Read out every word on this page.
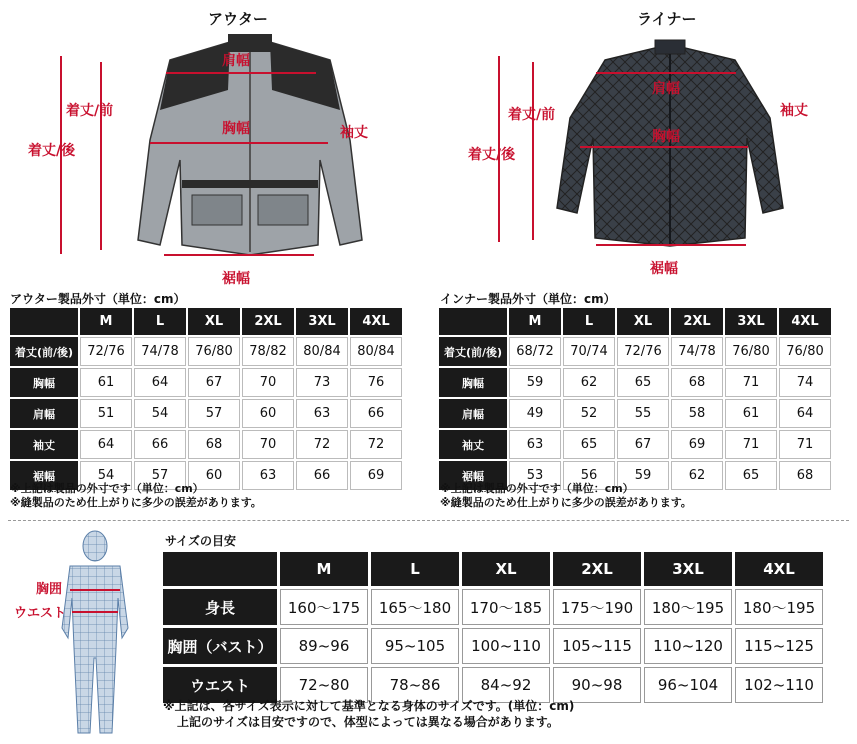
アウター
肩幅
着丈/前
着丈/後
胸幅	袖丈
裾幅
ライナー
肩幅
着丈/前
着丈/後
胸幅
袖丈
裾幅
アウター製品外寸（単位：cm）
	M	L	XL	2XL	3XL	4XL
着丈(前/後)	72/76	74/78	76/80	78/82	80/84	80/84
胸幅	61	64	67	70	73	76
肩幅	51	54	57	60	63	66
袖丈	64	66	68	70	72	72
裾幅	54	57	60	63	66	69
※上記は製品の外寸です（単位：cm）
※縫製品のため仕上がりに多少の誤差があります。
インナー製品外寸（単位：cm）
	M	L	XL	2XL	3XL	4XL
着丈(前/後)	68/72	70/74	72/76	74/78	76/80	76/80
胸幅	59	62	65	68	71	74
肩幅	49	52	55	58	61	64
袖丈	63	65	67	69	71	71
裾幅	53	56	59	62	65	68
※上記は製品の外寸です（単位：cm）
※縫製品のため仕上がりに多少の誤差があります。
胸囲
ウエスト
サイズの目安
	M	L	XL	2XL	3XL	4XL
身長	160〜175	165〜180	170〜185	175〜190	180〜195	180〜195
胸囲（バスト）	89~96	95~105	100~110	105~115	110~120	115~125
ウエスト	72~80	78~86	84~92	90~98	96~104	102~110
※上記は、各サイズ表示に対して基準となる身体のサイズです。(単位：cm)
上記のサイズは目安ですので、体型によっては異なる場合があります。
